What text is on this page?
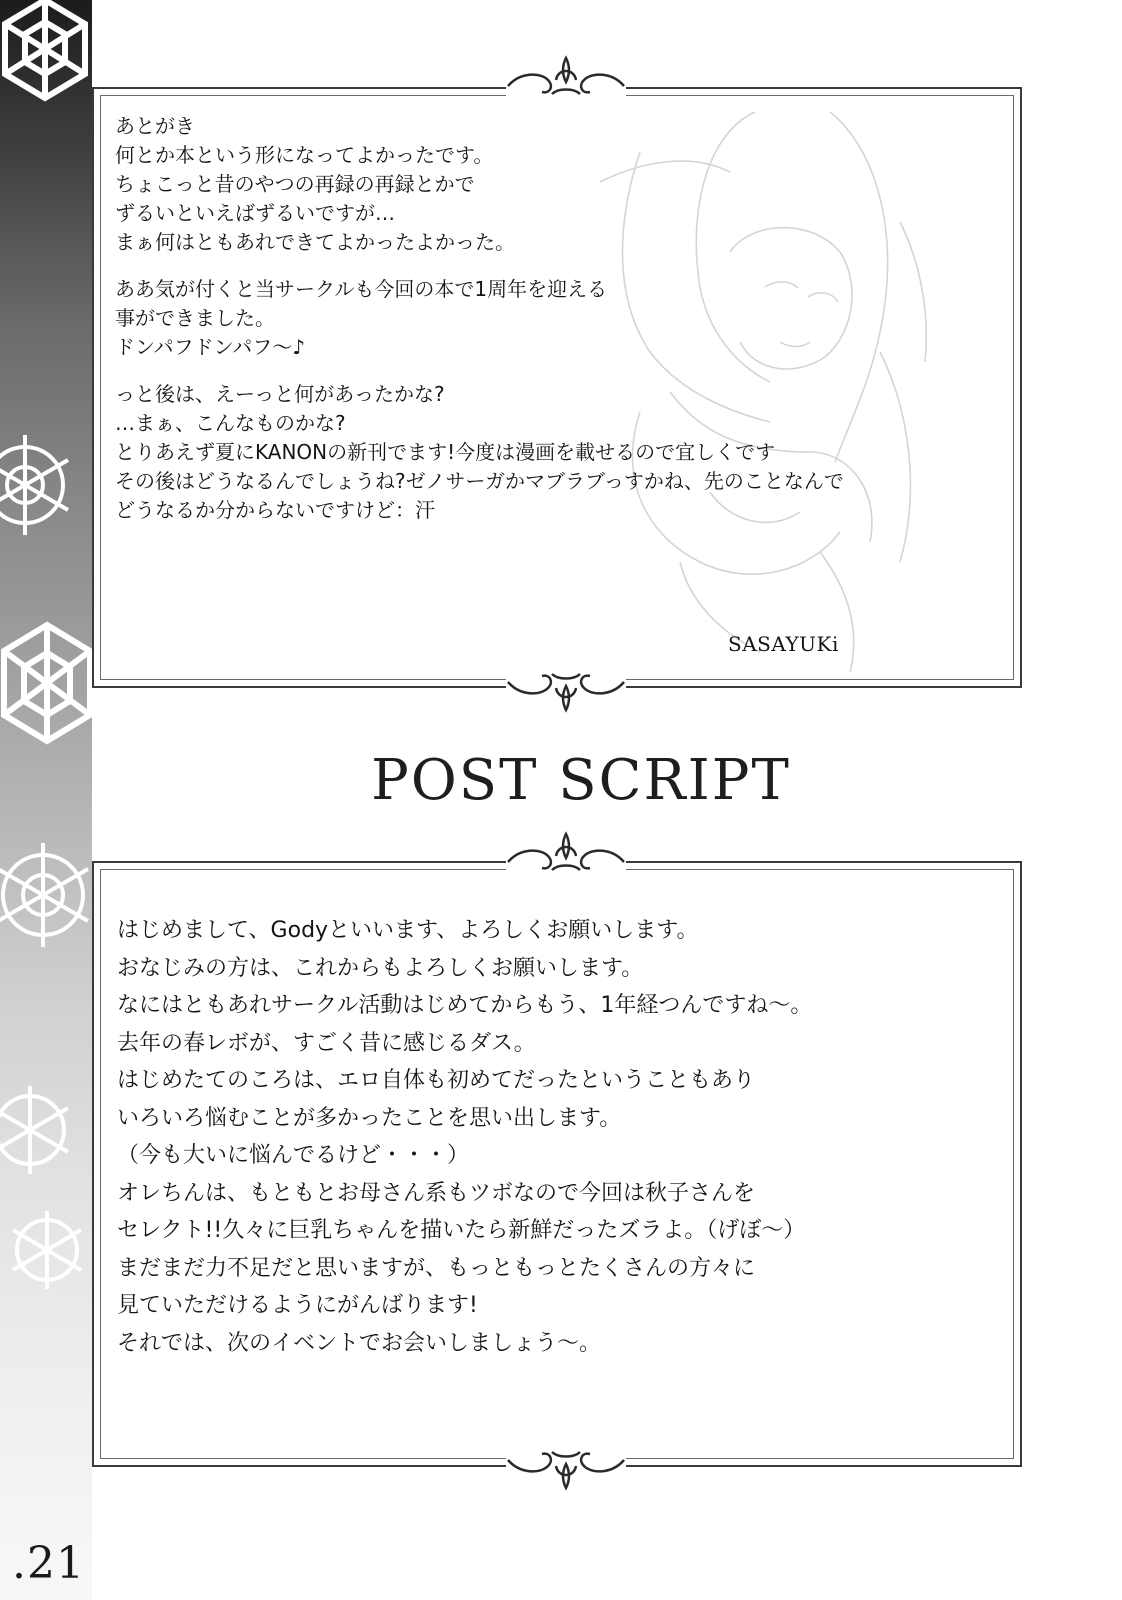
.21
あとがき
何とか本という形になってよかったです。
ちょこっと昔のやつの再録の再録とかで
ずるいといえばずるいですが…
まぁ何はともあれできてよかったよかった。
ああ気が付くと当サークルも今回の本で1周年を迎える
事ができました。
ドンパフドンパフ～♪
っと後は、えーっと何があったかな?
…まぁ、こんなものかな?
とりあえず夏にKANONの新刊でます!今度は漫画を載せるので宜しくです
その後はどうなるんでしょうね?ゼノサーガかマブラブっすかね、先のことなんで
どうなるか分からないですけど：汗
SASAYUKi
POST SCRIPT
はじめまして、Godyといいます、よろしくお願いします。
おなじみの方は、これからもよろしくお願いします。
なにはともあれサークル活動はじめてからもう、1年経つんですね～。
去年の春レボが、すごく昔に感じるダス。
はじめたてのころは、エロ自体も初めてだったということもあり
いろいろ悩むことが多かったことを思い出します。
（今も大いに悩んでるけど・・・）
オレちんは、もともとお母さん系もツボなので今回は秋子さんを
セレクト!!久々に巨乳ちゃんを描いたら新鮮だったズラよ。（げぼ～）
まだまだ力不足だと思いますが、もっともっとたくさんの方々に
見ていただけるようにがんばります!
それでは、次のイベントでお会いしましょう～。
